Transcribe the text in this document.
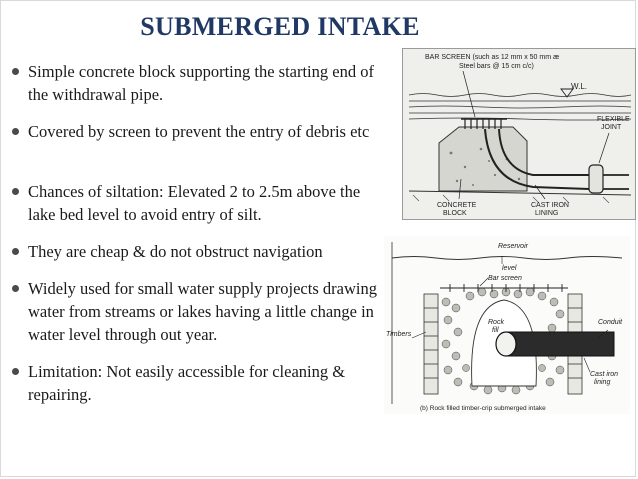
SUBMERGED INTAKE
Simple concrete block supporting the starting end of the withdrawal pipe.
Covered by screen to prevent the entry of debris etc
Chances of siltation: Elevated 2 to 2.5m above the lake bed level to avoid entry of silt.
They are cheap & do not obstruct navigation
Widely used for small water supply projects drawing water from streams or lakes having a little change in water level through out year.
Limitation: Not easily accessible for cleaning & repairing.
W.L.
BAR SCREEN (such as 12 mm x 50 mm æ
Steel bars @ 15 cm c/c)
FLEXIBLE
JOINT
CONCRETE
BLOCK
CAST IRON
LINING
Reservoir
level
Bar screen
Timbers
Rock
fill
Conduit
Cast iron
lining
(b) Rock filled timber-crip submerged intake
